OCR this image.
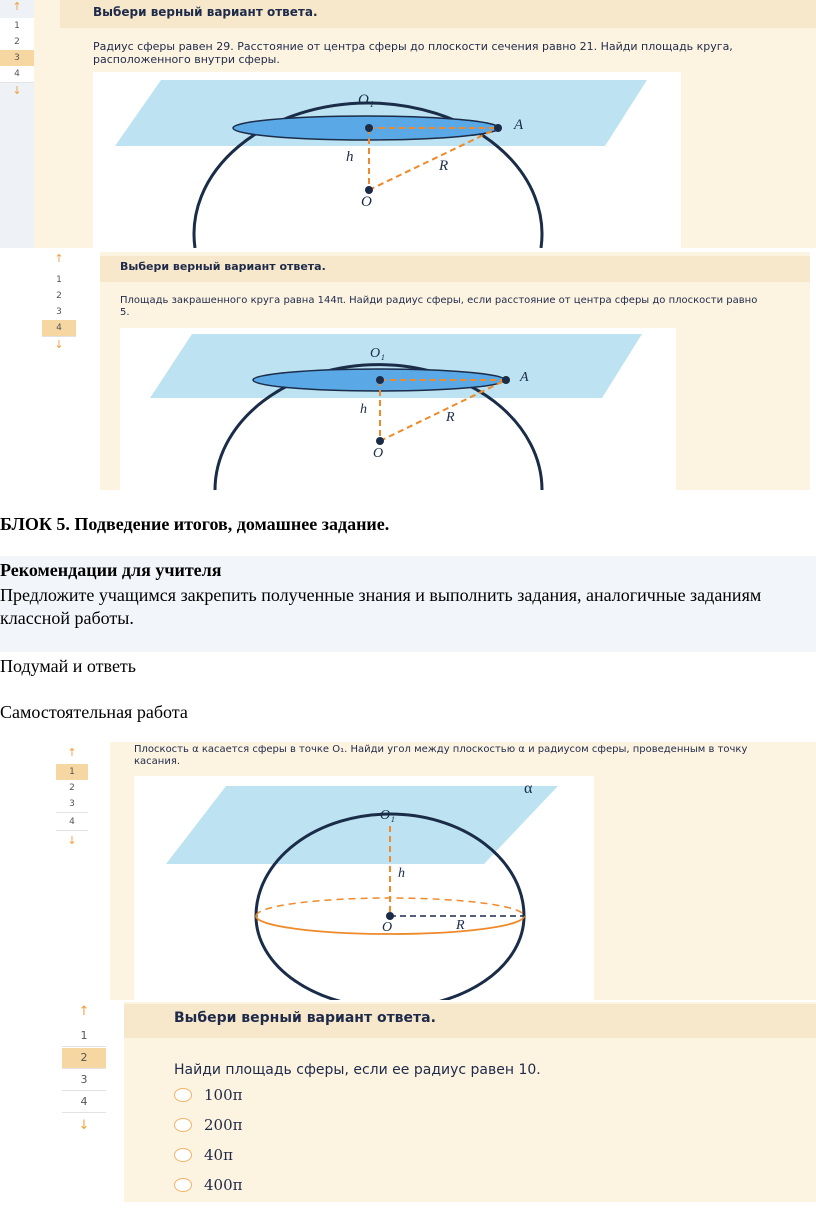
↑
1
2
3
4
↓
Выбери верный вариант ответа.
Радиус сферы равен 29. Расстояние от центра сферы до плоскости сечения равно 21. Найди площадь круга, расположенного внутри сферы.
O₁
A
h
R
O
↑
1
2
3
4
↓
Выбери верный вариант ответа.
Площадь закрашенного круга равна 144π. Найди радиус сферы, если расстояние от центра сферы до плоскости равно 5.
O₁
A
h
R
O
БЛОК 5. Подведение итогов, домашнее задание.
Рекомендации для учителя
Предложите учащимся закрепить полученные знания и выполнить задания, аналогичные заданиям классной работы.
Подумай и ответь
Самостоятельная работа
↑
1
2
3
4
↓
Плоскость α касается сферы в точке O₁. Найди угол между плоскостью α и радиусом сферы, проведенным в точку касания.
α
O₁
h
O	R
↑
1
2
3
4
↓
Выбери верный вариант ответа.
Найди площадь сферы, если ее радиус равен 10.
100π
200π
40π
400π
